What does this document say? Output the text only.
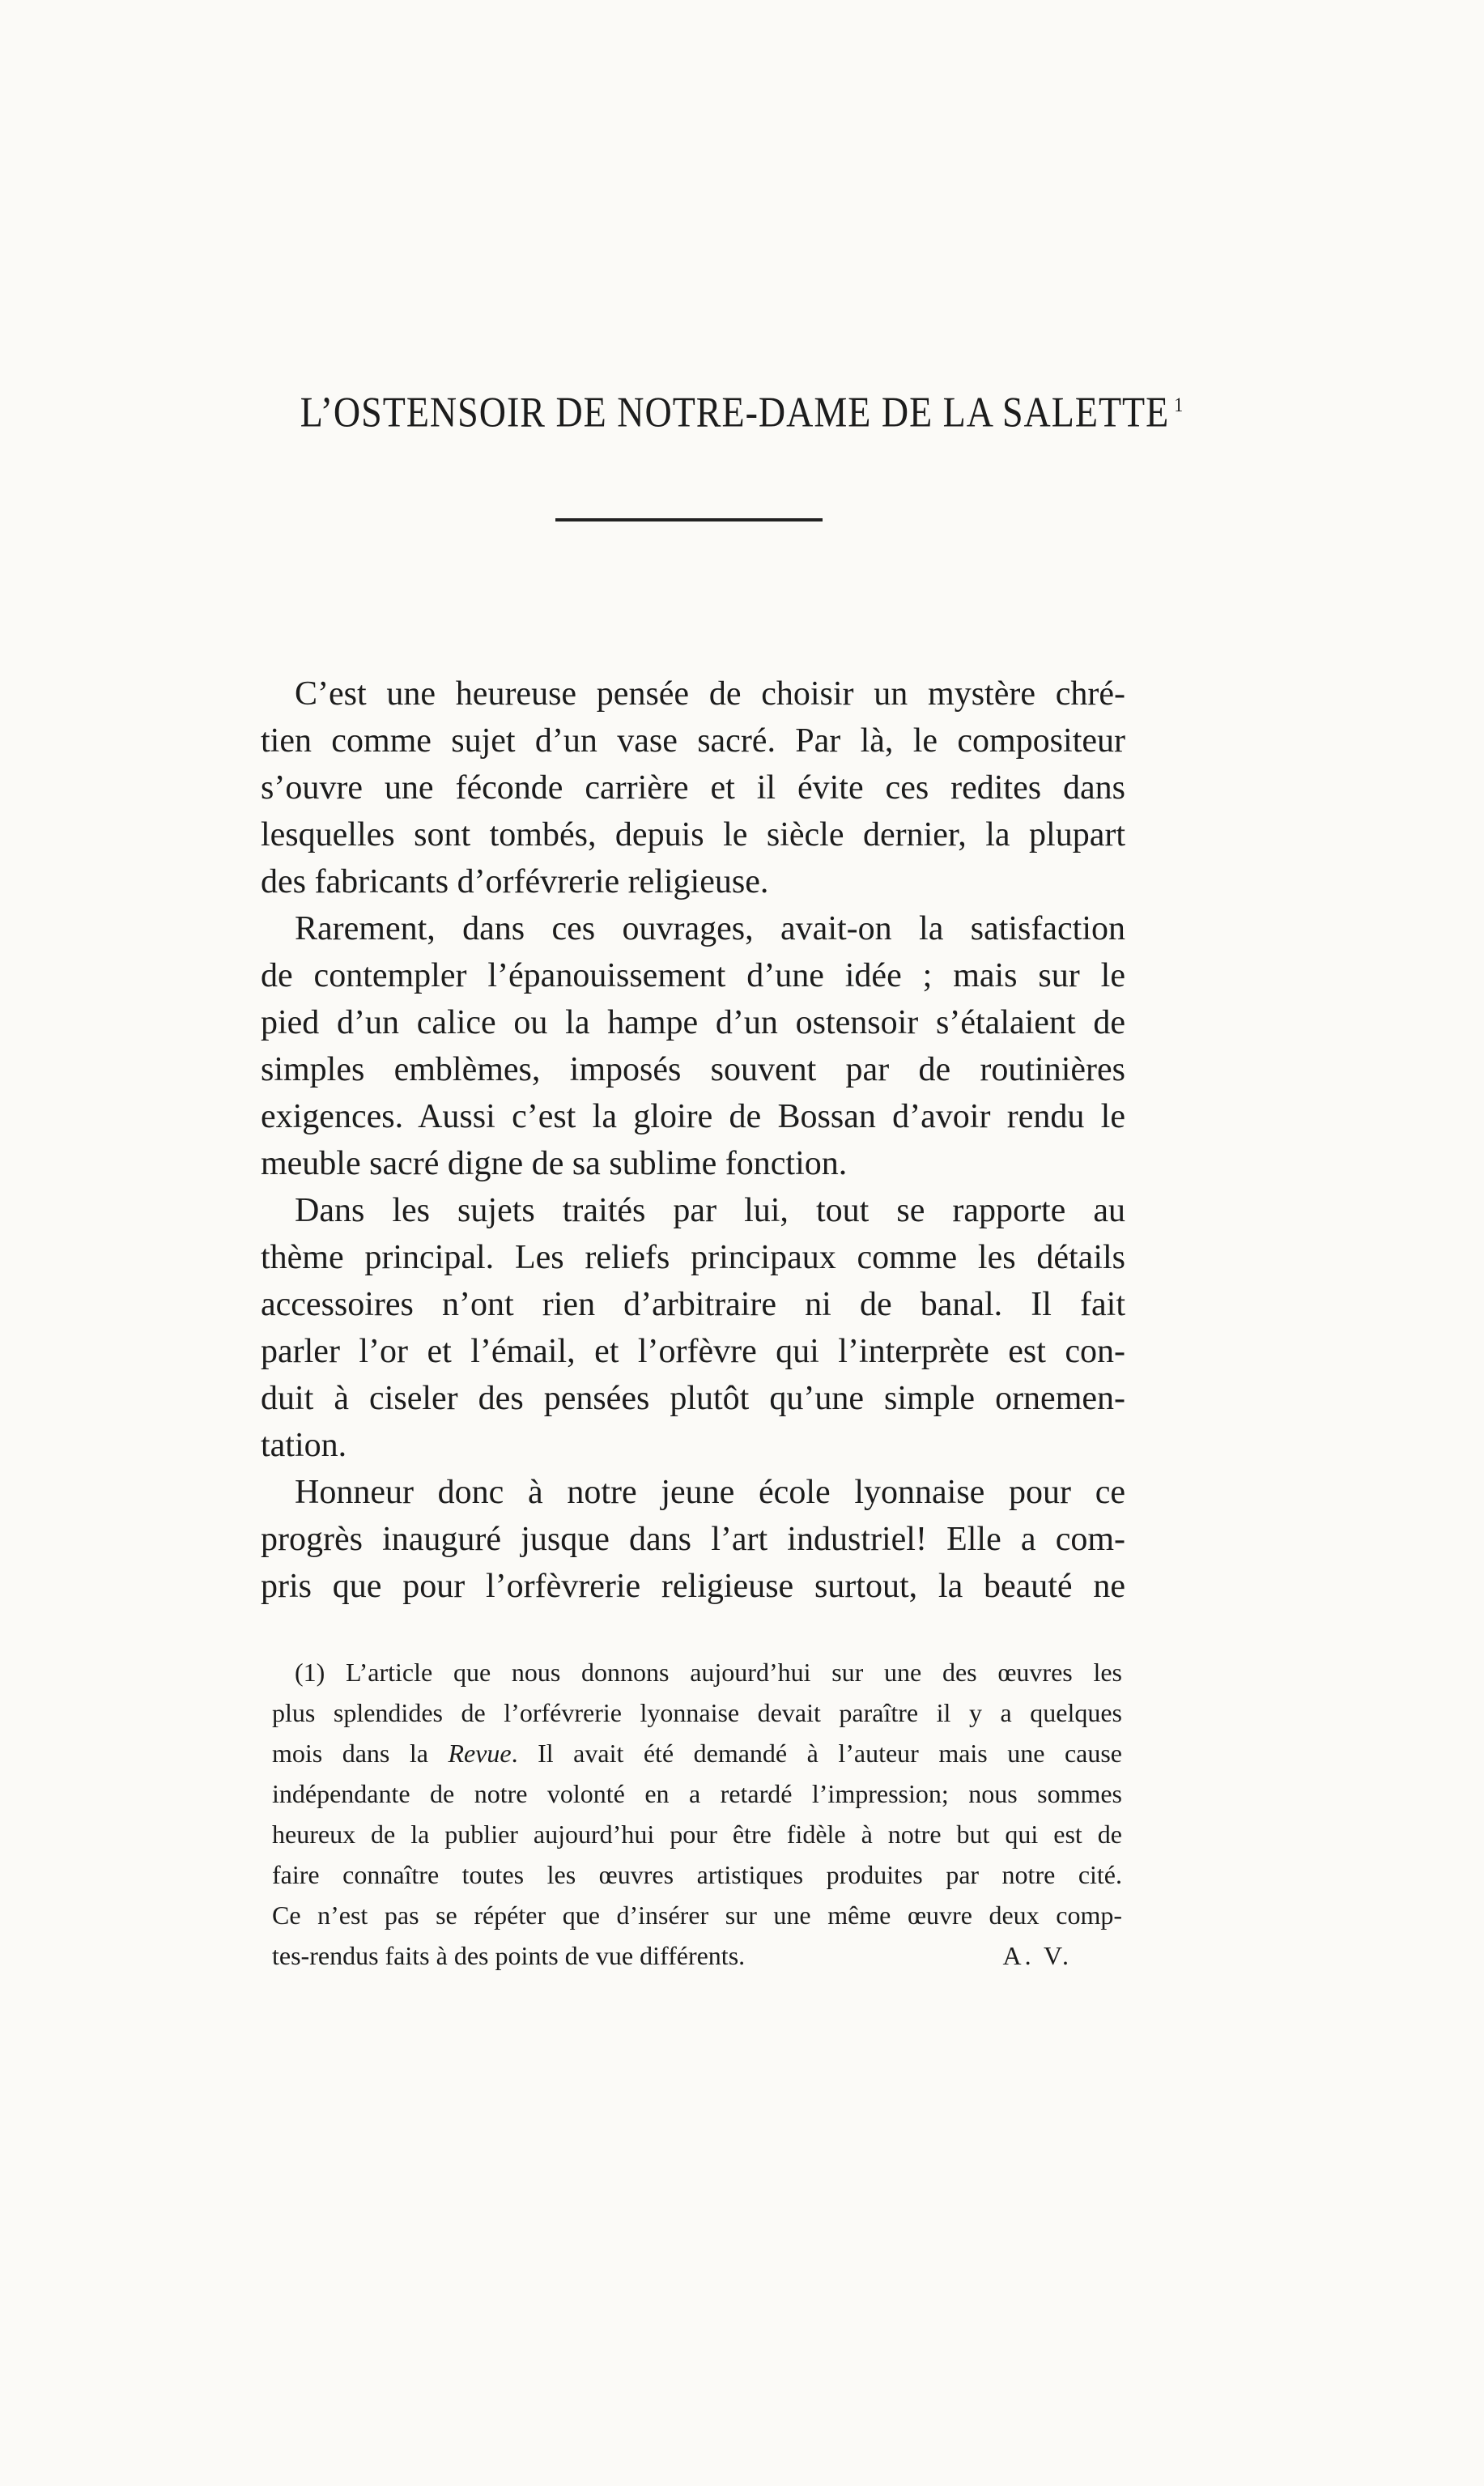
L’OSTENSOIR DE NOTRE-DAME DE LA SALETTE $^1$
C’est une heureuse pensée de choisir un mystère chré-
tien comme sujet d’un vase sacré. Par là, le compositeur
s’ouvre une féconde carrière et il évite ces redites dans
lesquelles sont tombés, depuis le siècle dernier, la plupart
des fabricants d’orfévrerie religieuse.
Rarement, dans ces ouvrages, avait-on la satisfaction
de contempler l’épanouissement d’une idée ; mais sur le
pied d’un calice ou la hampe d’un ostensoir s’étalaient de
simples emblèmes, imposés souvent par de routinières
exigences. Aussi c’est la gloire de Bossan d’avoir rendu le
meuble sacré digne de sa sublime fonction.
Dans les sujets traités par lui, tout se rapporte au
thème principal. Les reliefs principaux comme les détails
accessoires n’ont rien d’arbitraire ni de banal. Il fait
parler l’or et l’émail, et l’orfèvre qui l’interprète est con-
duit à ciseler des pensées plutôt qu’une simple ornemen-
tation.
Honneur donc à notre jeune école lyonnaise pour ce
progrès inauguré jusque dans l’art industriel! Elle a com-
pris que pour l’orfèvrerie religieuse surtout, la beauté ne
(1) L’article que nous donnons aujourd’hui sur une des œuvres les
plus splendides de l’orfévrerie lyonnaise devait paraître il y a quelques
mois dans la Revue. Il avait été demandé à l’auteur mais une cause
indépendante de notre volonté en a retardé l’impression; nous sommes
heureux de la publier aujourd’hui pour être fidèle à notre but qui est de
faire connaître toutes les œuvres artistiques produites par notre cité.
Ce n’est pas se répéter que d’insérer sur une même œuvre deux comp-
tes-rendus faits à des points de vue différents.	A. V.
